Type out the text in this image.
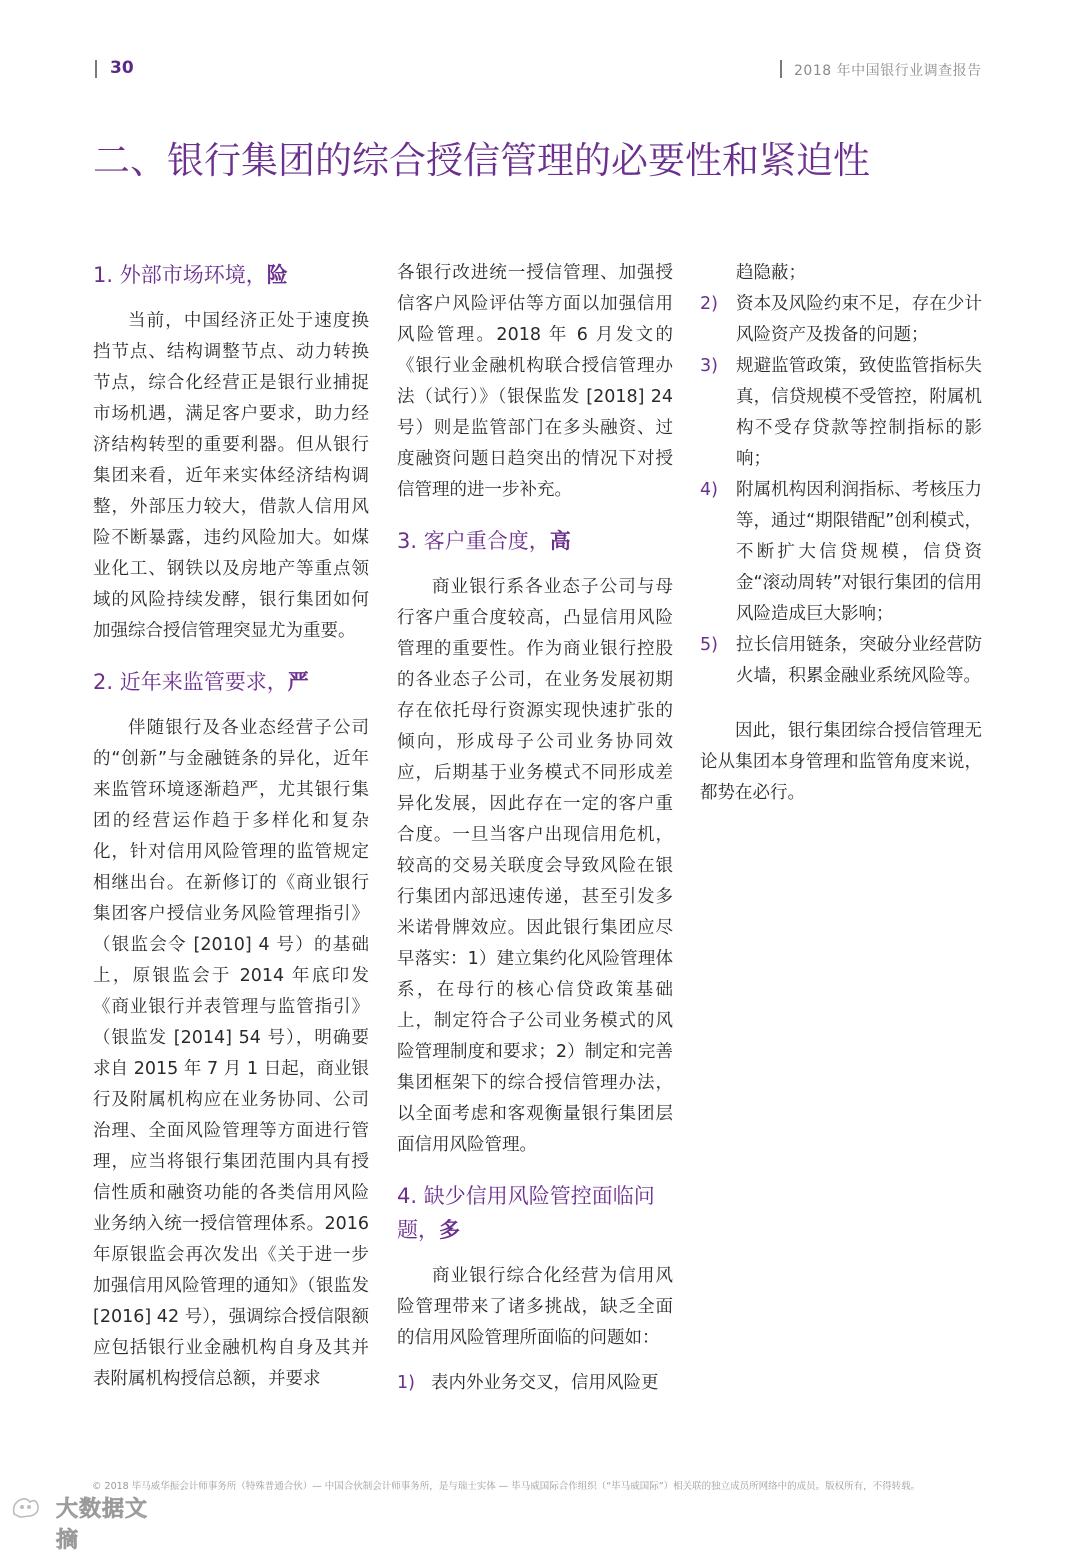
30	2018 年中国银行业调查报告
二、银行集团的综合授信管理的必要性和紧迫性
1. 外部市场环境，险

当前，中国经济正处于速度换挡节点、结构调整节点、动力转换节点，综合化经营正是银行业捕捉市场机遇，满足客户要求，助力经济结构转型的重要利器。但从银行集团来看，近年来实体经济结构调整，外部压力较大，借款人信用风险不断暴露，违约风险加大。如煤业化工、钢铁以及房地产等重点领域的风险持续发酵，银行集团如何加强综合授信管理突显尤为重要。

2. 近年来监管要求，严

伴随银行及各业态经营子公司的“创新”与金融链条的异化，近年来监管环境逐渐趋严，尤其银行集团的经营运作趋于多样化和复杂化，针对信用风险管理的监管规定相继出台。在新修订的《商业银行集团客户授信业务风险管理指引》（银监会令 [2010] 4 号）的基础上，原银监会于 2014 年底印发《商业银行并表管理与监管指引》（银监发 [2014] 54 号），明确要求自 2015 年 7 月 1 日起，商业银行及附属机构应在业务协同、公司治理、全面风险管理等方面进行管理，应当将银行集团范围内具有授信性质和融资功能的各类信用风险业务纳入统一授信管理体系。2016 年原银监会再次发出《关于进一步加强信用风险管理的通知》（银监发 [2016] 42 号），强调综合授信限额应包括银行业金融机构自身及其并表附属机构授信总额，并要求

各银行改进统一授信管理、加强授信客户风险评估等方面以加强信用风险管理。2018 年 6 月发文的《银行业金融机构联合授信管理办法（试行）》（银保监发 [2018] 24 号）则是监管部门在多头融资、过度融资问题日趋突出的情况下对授信管理的进一步补充。

3. 客户重合度，高

商业银行系各业态子公司与母行客户重合度较高，凸显信用风险管理的重要性。作为商业银行控股的各业态子公司，在业务发展初期存在依托母行资源实现快速扩张的倾向，形成母子公司业务协同效应，后期基于业务模式不同形成差异化发展，因此存在一定的客户重合度。一旦当客户出现信用危机，较高的交易关联度会导致风险在银行集团内部迅速传递，甚至引发多米诺骨牌效应。因此银行集团应尽早落实：1）建立集约化风险管理体系，在母行的核心信贷政策基础上，制定符合子公司业务模式的风险管理制度和要求；2）制定和完善集团框架下的综合授信管理办法，以全面考虑和客观衡量银行集团层面信用风险管理。

4. 缺少信用风险管控面临问题，多

商业银行综合化经营为信用风险管理带来了诸多挑战，缺乏全面的信用风险管理所面临的问题如：

1) 表内外业务交叉，信用风险更
趋隐蔽；
2) 资本及风险约束不足，存在少计风险资产及拨备的问题；
3) 规避监管政策，致使监管指标失真，信贷规模不受管控，附属机构不受存贷款等控制指标的影响；
4) 附属机构因利润指标、考核压力等，通过“期限错配”创利模式，不断扩大信贷规模，信贷资金“滚动周转”对银行集团的信用风险造成巨大影响；
5) 拉长信用链条，突破分业经营防火墙，积累金融业系统风险等。

因此，银行集团综合授信管理无论从集团本身管理和监管角度来说，都势在必行。

© 2018 毕马威华振会计师事务所（特殊普通合伙）— 中国合伙制会计师事务所，是与瑞士实体 — 毕马威国际合作组织（“毕马威国际”）相关联的独立成员所网络中的成员。版权所有，不得转载。
大数据文摘
